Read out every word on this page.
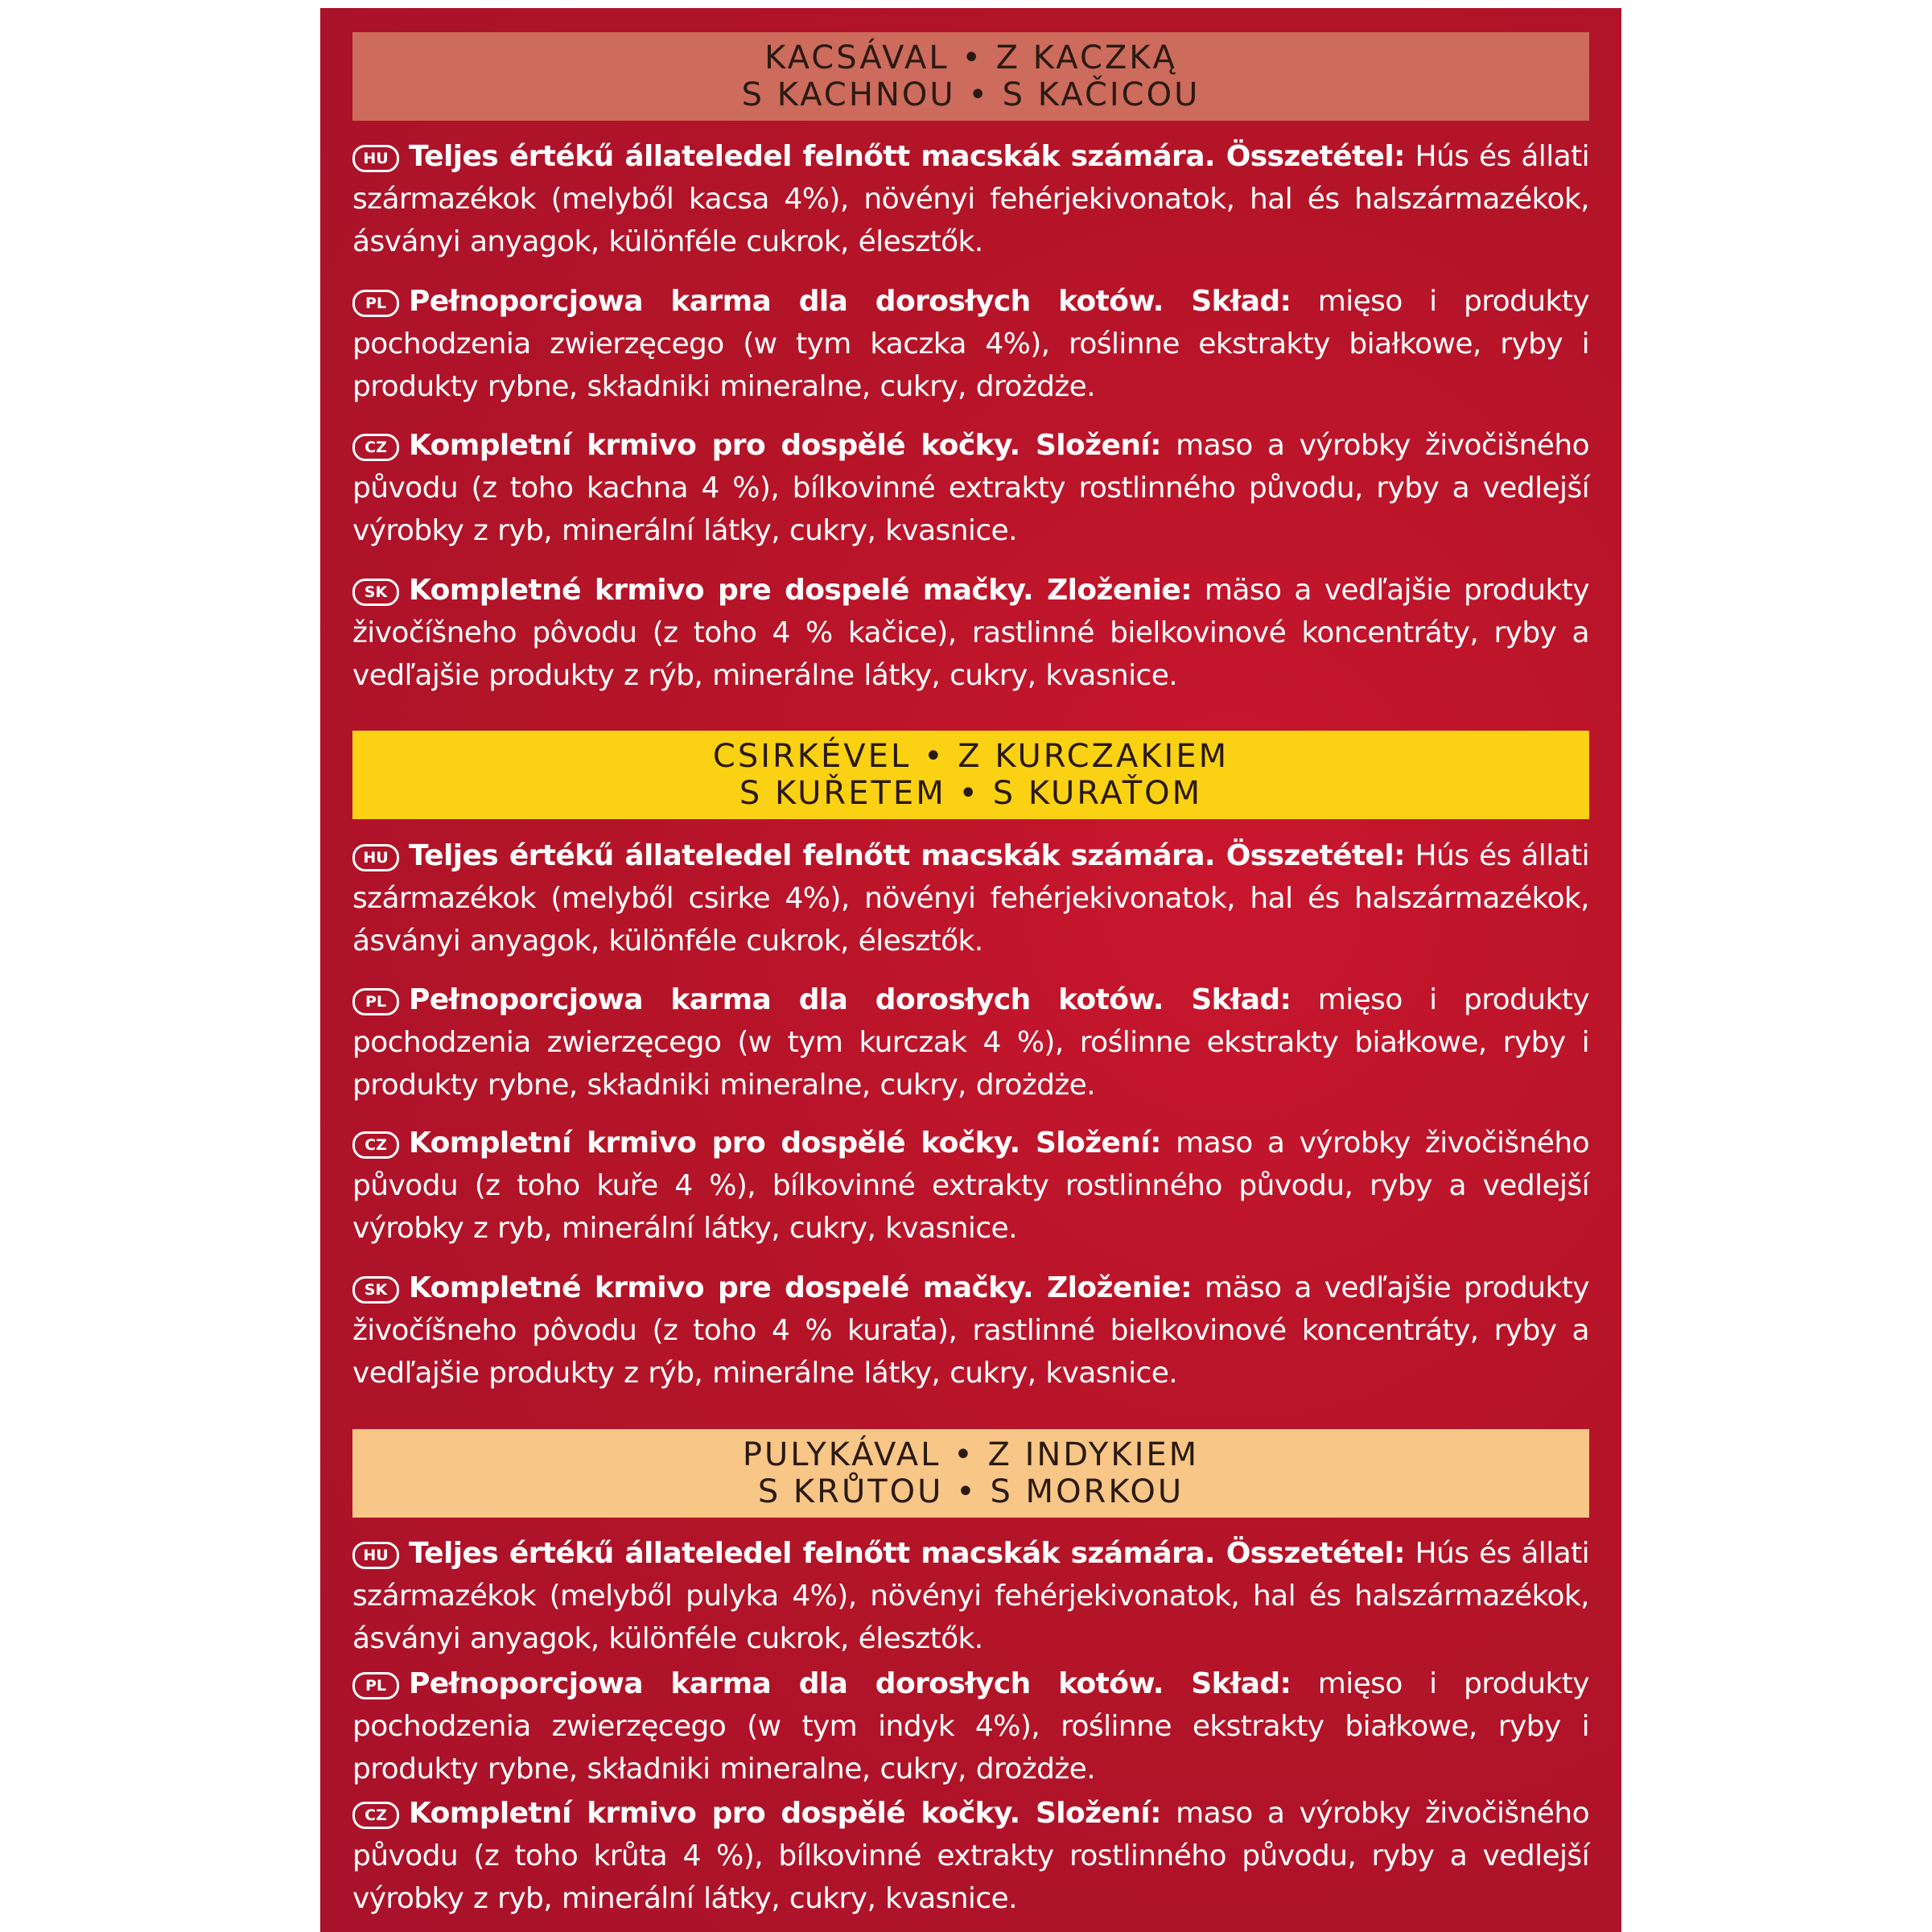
KACSÁVAL • Z KACZKĄ
S KACHNOU • S KAČICOU
HU Teljes értékű állateledel felnőtt macskák számára. Összetétel: Hús és állati származékok (melyből kacsa 4%), növényi fehérjekivonatok, hal és halszármazékok, ásványi anyagok, különféle cukrok, élesztők.
PL Pełnoporcjowa karma dla dorosłych kotów. Skład: mięso i produkty pochodzenia zwierzęcego (w tym kaczka 4%), roślinne ekstrakty białkowe, ryby i produkty rybne, składniki mineralne, cukry, drożdże.
CZ Kompletní krmivo pro dospělé kočky. Složení: maso a výrobky živočišného původu (z toho kachna 4 %), bílkovinné extrakty rostlinného původu, ryby a vedlejší výrobky z ryb, minerální látky, cukry, kvasnice.
SK Kompletné krmivo pre dospelé mačky. Zloženie: mäso a vedľajšie produkty živočíšneho pôvodu (z toho 4 % kačice), rastlinné bielkovinové koncentráty, ryby a vedľajšie produkty z rýb, minerálne látky, cukry, kvasnice.
CSIRKÉVEL • Z KURCZAKIEM
S KUŘETEM • S KURAŤOM
HU Teljes értékű állateledel felnőtt macskák számára. Összetétel: Hús és állati származékok (melyből csirke 4%), növényi fehérjekivonatok, hal és halszármazékok, ásványi anyagok, különféle cukrok, élesztők.
PL Pełnoporcjowa karma dla dorosłych kotów. Skład: mięso i produkty pochodzenia zwierzęcego (w tym kurczak 4 %), roślinne ekstrakty białkowe, ryby i produkty rybne, składniki mineralne, cukry, drożdże.
CZ Kompletní krmivo pro dospělé kočky. Složení: maso a výrobky živočišného původu (z toho kuře 4 %), bílkovinné extrakty rostlinného původu, ryby a vedlejší výrobky z ryb, minerální látky, cukry, kvasnice.
SK Kompletné krmivo pre dospelé mačky. Zloženie: mäso a vedľajšie produkty živočíšneho pôvodu (z toho 4 % kuraťa), rastlinné bielkovinové koncentráty, ryby a vedľajšie produkty z rýb, minerálne látky, cukry, kvasnice.
PULYKÁVAL • Z INDYKIEM
S KRŮTOU • S MORKOU
HU Teljes értékű állateledel felnőtt macskák számára. Összetétel: Hús és állati származékok (melyből pulyka 4%), növényi fehérjekivonatok, hal és halszármazékok, ásványi anyagok, különféle cukrok, élesztők.
PL Pełnoporcjowa karma dla dorosłych kotów. Skład: mięso i produkty pochodzenia zwierzęcego (w tym indyk 4%), roślinne ekstrakty białkowe, ryby i produkty rybne, składniki mineralne, cukry, drożdże.
CZ Kompletní krmivo pro dospělé kočky. Složení: maso a výrobky živočišného původu (z toho krůta 4 %), bílkovinné extrakty rostlinného původu, ryby a vedlejší výrobky z ryb, minerální látky, cukry, kvasnice.
